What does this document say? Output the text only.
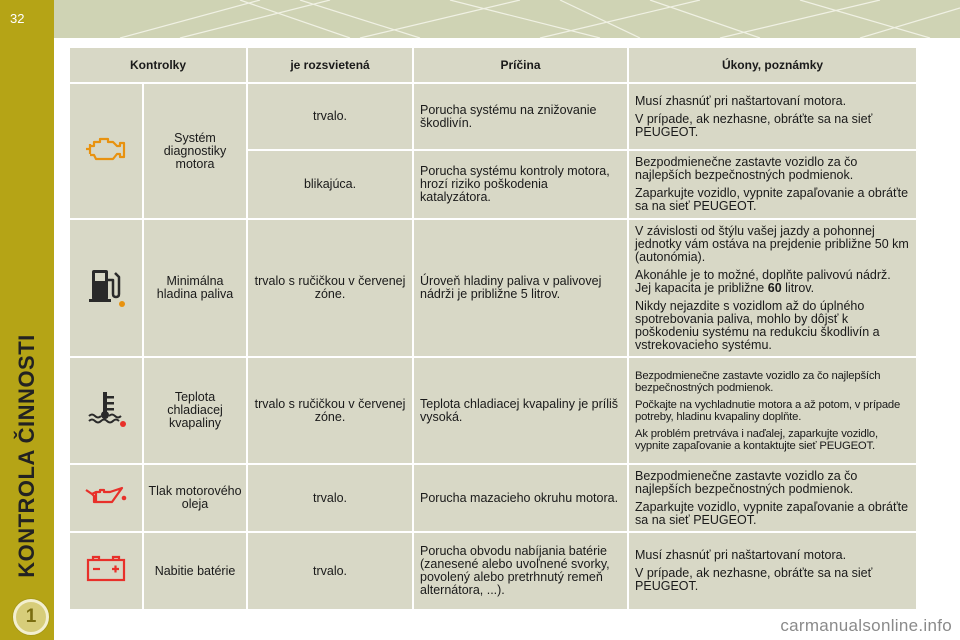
32
KONTROLA ČINNOSTI
1
Kontrolky		je rozsvietená	Príčina	Úkony, poznámky
	Systém diagnostiky motora	trvalo.	Porucha systému na znižovanie škodlivín.	Musí zhasnúť pri naštartovaní motora.

V prípade, ak nezhasne, obráťte sa na sieť PEUGEOT.

		blikajúca.	Porucha systému kontroly motora, hrozí riziko poškodenia katalyzátora.	Bezpodmienečne zastavte vozidlo za čo najlepších bezpečnostných podmienok.

Zaparkujte vozidlo, vypnite zapaľovanie a obráťte sa na sieť PEUGEOT.

	Minimálna hladina paliva	trvalo s ručičkou v červenej zóne.	Úroveň hladiny paliva v palivovej nádrži je približne 5 litrov.	V závislosti od štýlu vašej jazdy a pohonnej jednotky vám ostáva na prejdenie približne 50 km (autonómia).

Akonáhle je to možné, doplňte palivovú nádrž. Jej kapacita je približne 60 litrov.

Nikdy nejazdite s vozidlom až do úplného spotrebovania paliva, mohlo by dôjsť k poškodeniu systému na redukciu škodlivín a vstrekovacieho systému.

	Teplota chladiacej kvapaliny	trvalo s ručičkou v červenej zóne.	Teplota chladiacej kvapaliny je príliš vysoká.	Bezpodmienečne zastavte vozidlo za čo najlepších bezpečnostných podmienok.

Počkajte na vychladnutie motora a až potom, v prípade potreby, hladinu kvapaliny doplňte.

Ak problém pretrváva i naďalej, zaparkujte vozidlo, vypnite zapaľovanie a kontaktujte sieť PEUGEOT.

	Tlak motorového oleja	trvalo.	Porucha mazacieho okruhu motora.	Bezpodmienečne zastavte vozidlo za čo najlepších bezpečnostných podmienok.

Zaparkujte vozidlo, vypnite zapaľovanie a obráťte sa na sieť PEUGEOT.

	Nabitie batérie	trvalo.	Porucha obvodu nabíjania batérie (zanesené alebo uvoľnené svorky, povolený alebo pretrhnutý remeň alternátora, ...).	Musí zhasnúť pri naštartovaní motora.

V prípade, ak nezhasne, obráťte sa na sieť PEUGEOT.

carmanualsonline.info
